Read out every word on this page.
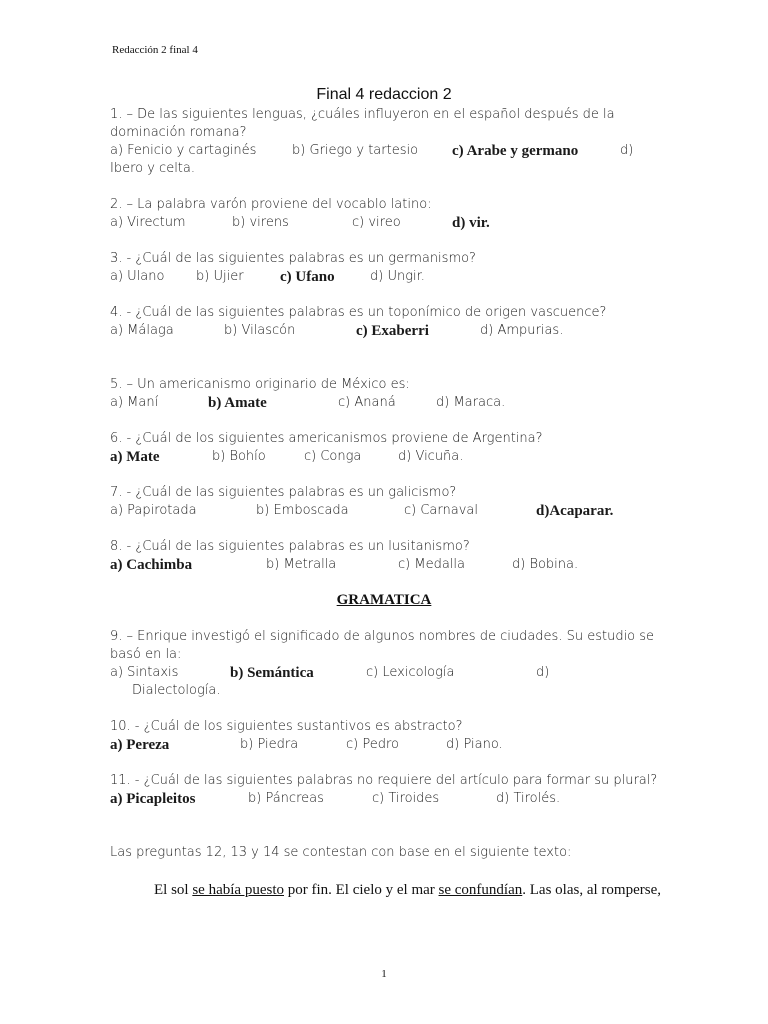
Redacción 2 final 4
Final 4 redaccion 2
1. – De las siguientes lenguas, ¿cuáles influyeron en el español después de la dominación romana?
a) Fenicio y cartaginés	b) Griego y tartesio c) Arabe y germano	d)
Ibero y celta.
2. – La palabra varón proviene del vocablo latino:
a) Virectum	b) virens	c) vireo	d) vir.
3. - ¿Cuál de las siguientes palabras es un germanismo?
a) Ulano b) Ujier c) Ufano	d) Ungir.
4. - ¿Cuál de las siguientes palabras es un toponímico de origen vascuence?
a) Málaga	b) Vilascón	c) Exaberri	d) Ampurias.
5. – Un americanismo originario de México es:
a) Maní	b) Amate	c) Ananá	d) Maraca.
6. - ¿Cuál de los siguientes americanismos proviene de Argentina?
a) Mate	b) Bohío	c) Conga	d) Vicuña.
7. - ¿Cuál de las siguientes palabras es un galicismo?
a) Papirotada	b) Emboscada	c) Carnaval	d)Acaparar.
8. - ¿Cuál de las siguientes palabras es un lusitanismo?
a) Cachimba	b) Metralla	c) Medalla	d) Bobina.
GRAMATICA
9. – Enrique investigó el significado de algunos nombres de ciudades. Su estudio se basó en la:
a) Sintaxis	b) Semántica	c) Lexicología	d)
Dialectología.
10. - ¿Cuál de los siguientes sustantivos es abstracto?
a) Pereza	b) Piedra	c) Pedro	d) Piano.
11. - ¿Cuál de las siguientes palabras no requiere del artículo para formar su plural?
a) Picapleitos	b) Páncreas	c) Tiroides	d) Tirolés.
Las preguntas 12, 13 y 14 se contestan con base en el siguiente texto:
El sol se había puesto por fin. El cielo y el mar se confundían. Las olas, al romperse,
1
